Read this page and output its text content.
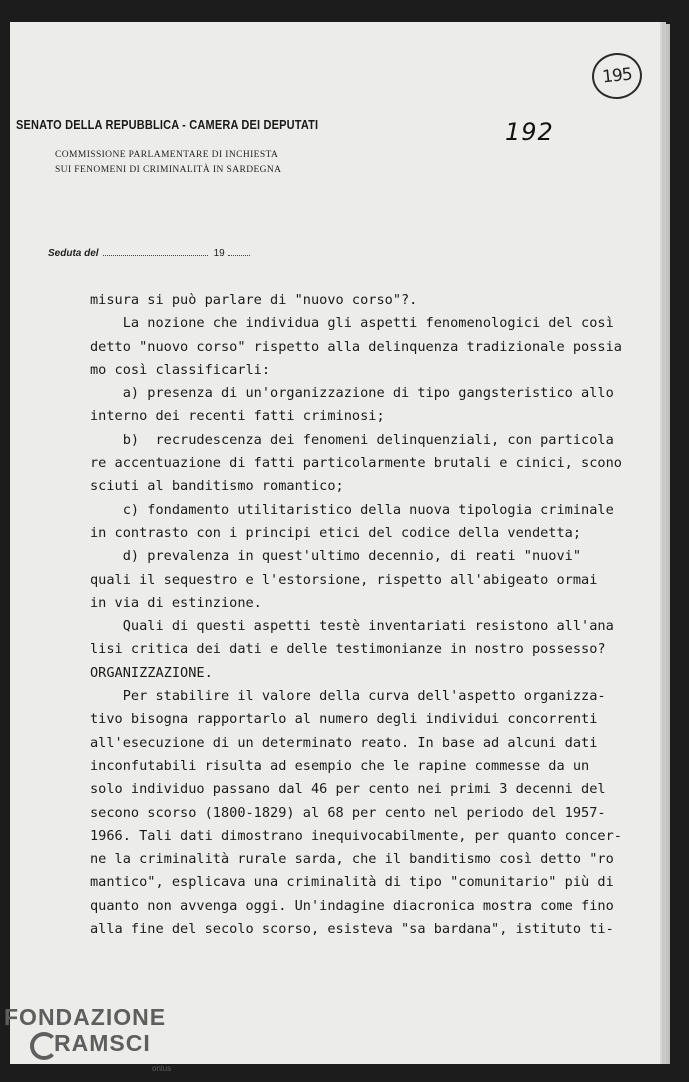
195
192
SENATO DELLA REPUBBLICA - CAMERA DEI DEPUTATI
COMMISSIONE PARLAMENTARE DI INCHIESTA
SUI FENOMENI DI CRIMINALITÀ IN SARDEGNA
Seduta del	19

misura si può parlare di "nuovo corso"?.

La nozione che individua gli aspetti fenomenologici del così

detto "nuovo corso" rispetto alla delinquenza tradizionale possia

mo così classificarli:

a) presenza di un'organizzazione di tipo gangsteristico allo

interno dei recenti fatti criminosi;

b)  recrudescenza dei fenomeni delinquenziali, con particola

re accentuazione di fatti particolarmente brutali e cinici, scono

sciuti al banditismo romantico;

c) fondamento utilitaristico della nuova tipologia criminale

in contrasto con i principi etici del codice della vendetta;

d) prevalenza in quest'ultimo decennio, di reati "nuovi"

quali il sequestro e l'estorsione, rispetto all'abigeato ormai

in via di estinzione.

Quali di questi aspetti testè inventariati resistono all'ana

lisi critica dei dati e delle testimonianze in nostro possesso?

ORGANIZZAZIONE.

Per stabilire il valore della curva dell'aspetto organizza-

tivo bisogna rapportarlo al numero degli individui concorrenti

all'esecuzione di un determinato reato. In base ad alcuni dati

inconfutabili risulta ad esempio che le rapine commesse da un

solo individuo passano dal 46 per cento nei primi 3 decenni del

secono scorso (1800-1829) al 68 per cento nel periodo del 1957-

1966. Tali dati dimostrano inequivocabilmente, per quanto concer-

ne la criminalità rurale sarda, che il banditismo così detto "ro

mantico", esplicava una criminalità di tipo "comunitario" più di

quanto non avvenga oggi. Un'indagine diacronica mostra come fino

alla fine del secolo scorso, esisteva "sa bardana", istituto ti-

FONDAZIONE
RAMSCI
onlus
